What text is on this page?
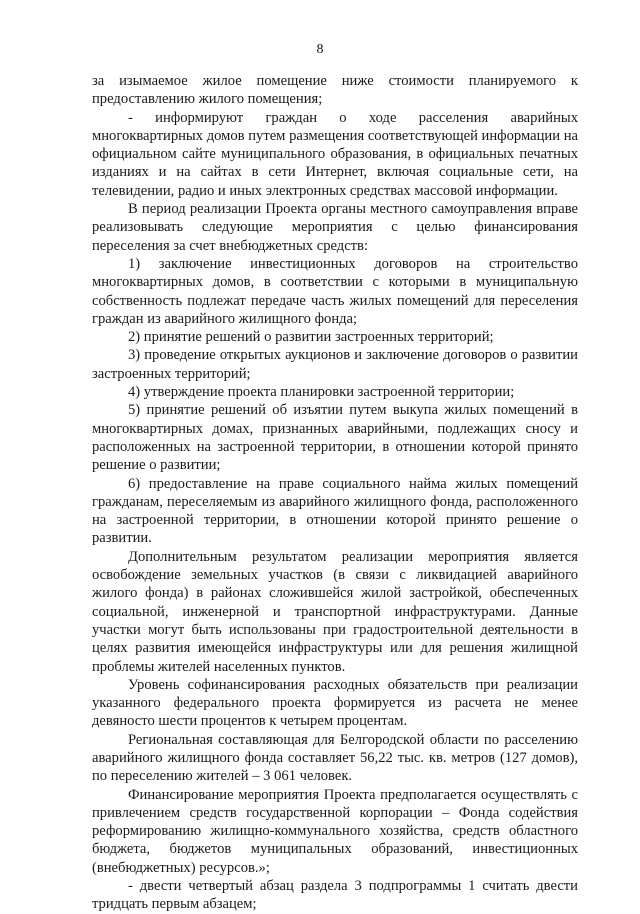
8

за изымаемое жилое помещение ниже стоимости планируемого к предоставлению жилого помещения;

- информируют граждан о ходе расселения аварийных многоквартирных домов путем размещения соответствующей информации на официальном сайте муниципального образования, в официальных печатных изданиях и на сайтах в сети Интернет, включая социальные сети, на телевидении, радио и иных электронных средствах массовой информации.

В период реализации Проекта органы местного самоуправления вправе реализовывать следующие мероприятия с целью финансирования переселения за счет внебюджетных средств:

1) заключение инвестиционных договоров на строительство многоквартирных домов, в соответствии с которыми в муниципальную собственность подлежат передаче часть жилых помещений для переселения граждан из аварийного жилищного фонда;

2) принятие решений о развитии застроенных территорий;

3) проведение открытых аукционов и заключение договоров о развитии застроенных территорий;

4) утверждение проекта планировки застроенной территории;

5) принятие решений об изъятии путем выкупа жилых помещений в многоквартирных домах, признанных аварийными, подлежащих сносу и расположенных на застроенной территории, в отношении которой принято решение о развитии;

6) предоставление на праве социального найма жилых помещений гражданам, переселяемым из аварийного жилищного фонда, расположенного на застроенной территории, в отношении которой принято решение о развитии.

Дополнительным результатом реализации мероприятия является освобождение земельных участков (в связи с ликвидацией аварийного жилого фонда) в районах сложившейся жилой застройкой, обеспеченных социальной, инженерной и транспортной инфраструктурами. Данные участки могут быть использованы при градостроительной деятельности в целях развития имеющейся инфраструктуры или для решения жилищной проблемы жителей населенных пунктов.

Уровень софинансирования расходных обязательств при реализации указанного федерального проекта формируется из расчета не менее девяносто шести процентов к четырем процентам.

Региональная составляющая для Белгородской области по расселению аварийного жилищного фонда составляет 56,22 тыс. кв. метров (127 домов), по переселению жителей – 3 061 человек.

Финансирование мероприятия Проекта предполагается осуществлять с привлечением средств государственной корпорации – Фонда содействия реформированию жилищно-коммунального хозяйства, средств областного бюджета, бюджетов муниципальных образований, инвестиционных (внебюджетных) ресурсов.»;

- двести четвертый абзац раздела 3 подпрограммы 1 считать двести тридцать первым абзацем;
